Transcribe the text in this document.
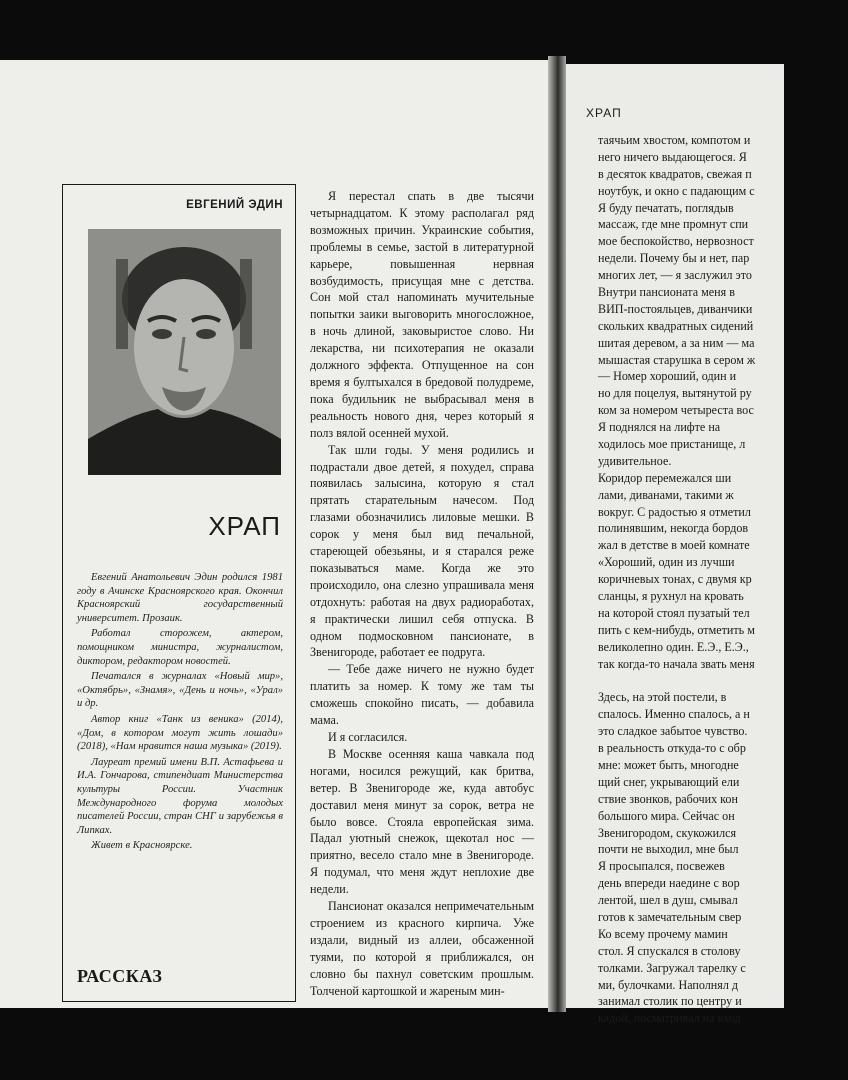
ЕВГЕНИЙ ЭДИН
ХРАП

Евгений Анатольевич Эдин родился 1981 году в Ачинске Красноярского края. Окончил Красноярский государственный университет. Прозаик.

Работал сторожем, актером, помощником министра, журналистом, диктором, редактором новостей.

Печатался в журналах «Новый мир», «Октябрь», «Знамя», «День и ночь», «Урал» и др.

Автор книг «Танк из веника» (2014), «Дом, в котором могут жить лошади» (2018), «Нам нравится наша музыка» (2019).

Лауреат премий имени В.П. Астафьева и И.А. Гончарова, стипендиат Министерства культуры России. Участник Международного форума молодых писателей России, стран СНГ и зарубежья в Липках.

Живет в Красноярске.

РАССКАЗ

Я перестал спать в две тысячи четырнадцатом. К этому располагал ряд возможных причин. Украинские события, проблемы в семье, застой в литературной карьере, повышенная нервная возбудимость, присущая мне с детства. Сон мой стал напоминать мучительные попытки заики выговорить многосложное, в ночь длиной, заковыристое слово. Ни лекарства, ни психотерапия не оказали должного эффекта. Отпущенное на сон время я бултыхался в бредовой полудреме, пока будильник не выбрасывал меня в реальность нового дня, через который я полз вялой осенней мухой.

Так шли годы. У меня родились и подрастали двое детей, я похудел, справа появилась залысина, которую я стал прятать старательным начесом. Под глазами обозначились лиловые мешки. В сорок у меня был вид печальной, стареющей обезьяны, и я старался реже показываться маме. Когда же это происходило, она слезно упрашивала меня отдохнуть: работая на двух радиоработах, я практически лишил себя отпуска. В одном подмосковном пансионате, в Звенигороде, работает ее подруга.

— Тебе даже ничего не нужно будет платить за номер. К тому же там ты сможешь спокойно писать, — добавила мама.

И я согласился.

В Москве осенняя каша чавкала под ногами, носился режущий, как бритва, ветер. В Звенигороде же, куда автобус доставил меня минут за сорок, ветра не было вовсе. Стояла европейская зима. Падал уютный снежок, щекотал нос — приятно, весело стало мне в Звенигороде. Я подумал, что меня ждут неплохие две недели.

Пансионат оказался непримечательным строением из красного кирпича. Уже издали, видный из аллеи, обсаженной туями, по которой я приближался, он словно бы пахнул советским прошлым. Толченой картошкой и жареным мин-

ХРАП
таячьим хвостом, компотом и
него ничего выдающегося. Я
в десяток квадратов, свежая п
ноутбук, и окно с падающим с
Я буду печатать, поглядыв
массаж, где мне промнут спи
мое беспокойство, нервозност
недели. Почему бы и нет, пар
многих лет, — я заслужил это
Внутри пансионата меня в
ВИП-постояльцев, диванчики
скольких квадратных сидений
шитая деревом, а за ним — ма
мышастая старушка в сером ж
— Номер хороший, один и
но для поцелуя, вытянутой ру
ком за номером четыреста вос
Я поднялся на лифте на
ходилось мое пристанище, л
удивительное.
Коридор перемежался ши
лами, диванами, такими ж
вокруг. С радостью я отметил
полинявшим, некогда бордов
жал в детстве в моей комнате
«Хороший, один из лучши
коричневых тонах, с двумя кр
сланцы, я рухнул на кровать
на которой стоял пузатый тел
пить с кем-нибудь, отметить м
великолепно один. Е.Э., Е.Э.,
так когда-то начала звать меня
Здесь, на этой постели, в
спалось. Именно спалось, а н
это сладкое забытое чувство.
в реальность откуда-то с обр
мне: может быть, многодне
щий снег, укрывающий ели
ствие звонков, рабочих кон
большого мира. Сейчас он
Звенигородом, скукожился
почти не выходил, мне был
Я просыпался, посвежев
день впереди наедине с вор
лентой, шел в душ, смывал
готов к замечательным свер
Ко всему прочему мамин
стол. Я спускался в столову
толками. Загружал тарелку с
ми, булочками. Наполнял д
занимал столик по центру и
кадой, посматривал на вход
